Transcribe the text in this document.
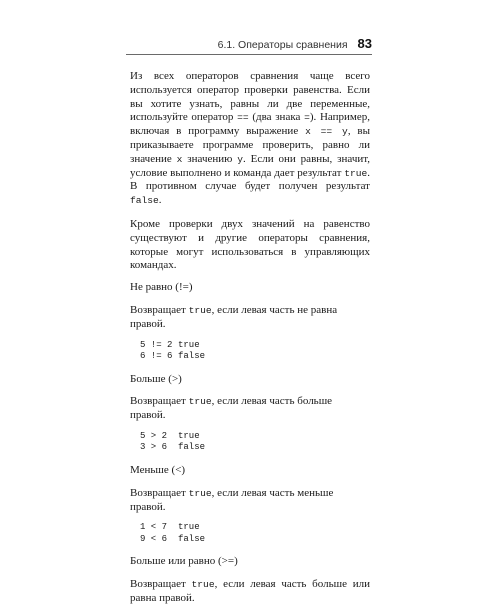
6.1. Операторы сравнения 83

Из всех операторов сравнения чаще всего используется оператор проверки равенства. Если вы хотите узнать, равны ли две переменные, используйте оператор == (два знака =). Например, включая в программу выражение x == y, вы приказываете программе проверить, равно ли значение x значению y. Если они равны, значит, условие выполнено и команда дает результат true. В противном случае будет получен результат false.

Кроме проверки двух значений на равенство существуют и другие операторы сравнения, которые могут использоваться в управляющих командах.

Не равно (!=)
Возвращает true, если левая часть не равна правой.
5 != 2 true
6 != 6 false
Больше (>)
Возвращает true, если левая часть больше правой.
5 > 2	true
3 > 6	false
Меньше (<)
Возвращает true, если левая часть меньше правой.
1 < 7	true
9 < 6	false
Больше или равно (>=)
Возвращает true, если левая часть больше или равна правой.
